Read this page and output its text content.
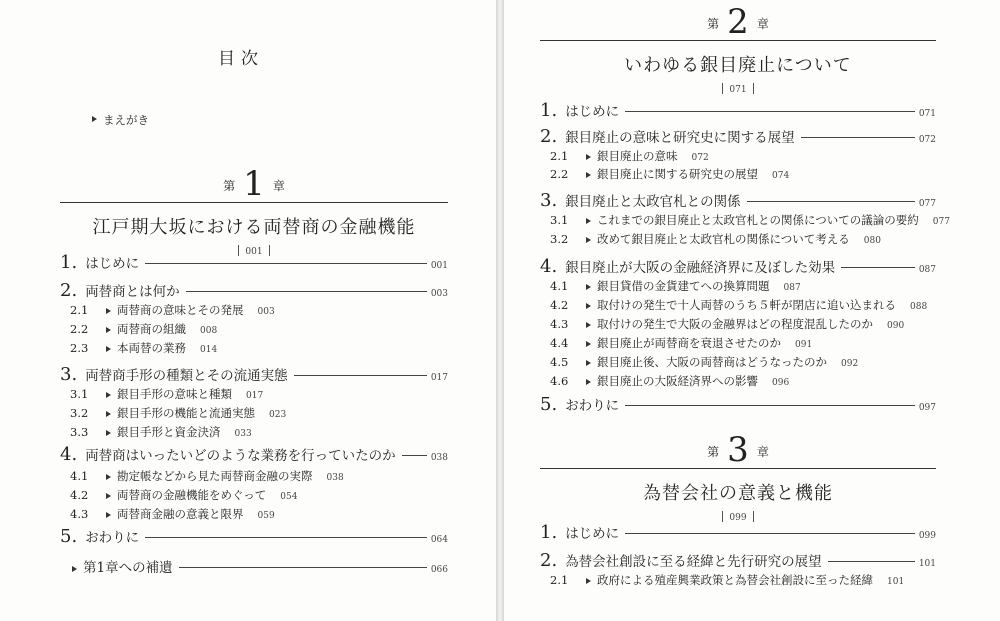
目次
まえがき
第 1 章
江戸期大坂における両替商の金融機能
001
1. はじめに	001
2. 両替商とは何か	003
2.1	両替商の意味とその発展 003
2.2	両替商の組織 008
2.3	本両替の業務 014
3. 両替商手形の種類とその流通実態	017
3.1	銀目手形の意味と種類 017
3.2	銀目手形の機能と流通実態 023
3.3	銀目手形と資金決済 033
4. 両替商はいったいどのような業務を行っていたのか	038
4.1	勘定帳などから見た両替商金融の実際 038
4.2	両替商の金融機能をめぐって 054
4.3	両替商金融の意義と限界 059
5. おわりに	064
第1章への補遺	066
第 2 章
いわゆる銀目廃止について
071
1. はじめに	071
2. 銀目廃止の意味と研究史に関する展望	072
2.1	銀目廃止の意味 072
2.2	銀目廃止に関する研究史の展望 074
3. 銀目廃止と太政官札との関係	077
3.1	これまでの銀目廃止と太政官札との関係についての議論の要約 077
3.2	改めて銀目廃止と太政官札の関係について考える 080
4. 銀目廃止が大阪の金融経済界に及ぼした効果	087
4.1	銀目貸借の金貨建てへの換算問題 087
4.2	取付けの発生で十人両替のうち５軒が閉店に追い込まれる 088
4.3	取付けの発生で大阪の金融界はどの程度混乱したのか 090
4.4	銀目廃止が両替商を衰退させたのか 091
4.5	銀目廃止後、大阪の両替商はどうなったのか 092
4.6	銀目廃止の大阪経済界への影響 096
5. おわりに	097
第 3 章
為替会社の意義と機能
099
1. はじめに	099
2. 為替会社創設に至る経緯と先行研究の展望	101
2.1	政府による殖産興業政策と為替会社創設に至った経緯 101
